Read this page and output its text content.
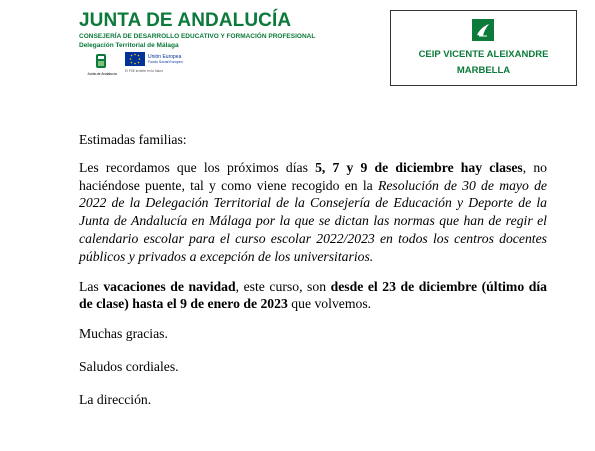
JUNTA DE ANDALUCÍA
CONSEJERÍA DE DESARROLLO EDUCATIVO Y FORMACIÓN PROFESIONAL
Delegación Territorial de Málaga
Junta de Andalucía
Unión Europea
Fondo Social Europeo
El FSE invierte en tu futuro
CEIP VICENTE ALEIXANDRE
MARBELLA

Estimadas familias:

Les recordamos que los próximos días 5, 7 y 9 de diciembre hay clases, no haciéndose puente, tal y como viene recogido en la Resolución de 30 de mayo de 2022 de la Delegación Territorial de la Consejería de Educación y Deporte de la Junta de Andalucía en Málaga por la que se dictan las normas que han de regir el calendario escolar para el curso escolar 2022/2023 en todos los centros docentes públicos y privados a excepción de los universitarios.

Las vacaciones de navidad, este curso, son desde el 23 de diciembre (último día de clase) hasta el 9 de enero de 2023 que volvemos.

Muchas gracias.

Saludos cordiales.

La dirección.
